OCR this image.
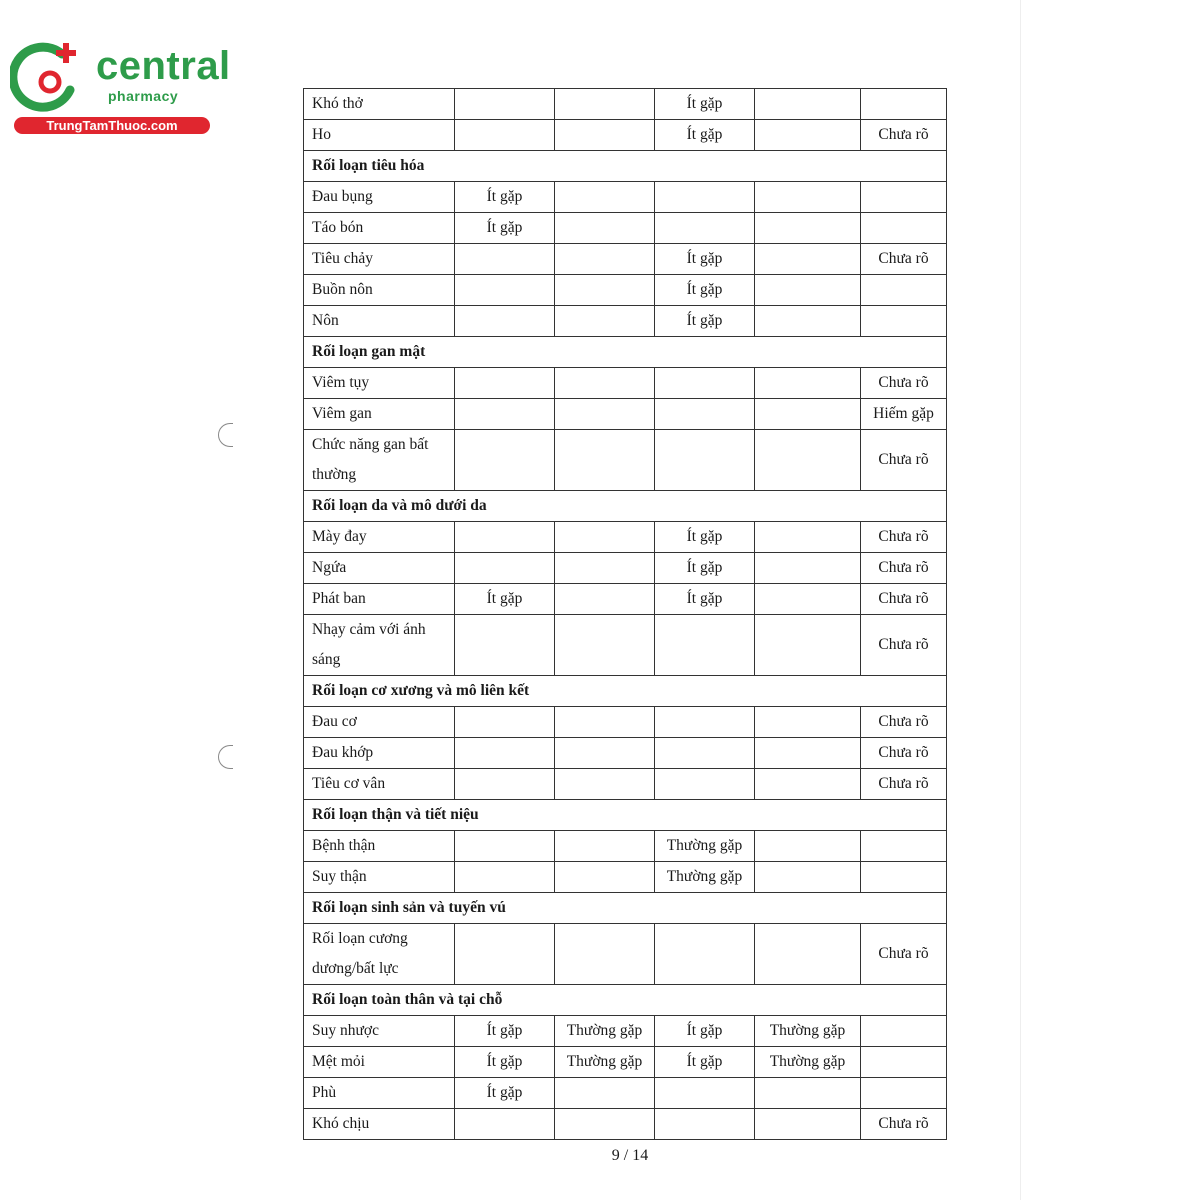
central
pharmacy
TrungTamThuoc.com
Khó thở			Ít gặp		
Ho			Ít gặp		Chưa rõ
Rối loạn tiêu hóa					
Đau bụng	Ít gặp				
Táo bón	Ít gặp				
Tiêu chảy			Ít gặp		Chưa rõ
Buồn nôn			Ít gặp		
Nôn			Ít gặp		
Rối loạn gan mật					
Viêm tụy					Chưa rõ
Viêm gan					Hiếm gặp
Chức năng gan bất thường					Chưa rõ
Rối loạn da và mô dưới da					
Mày đay			Ít gặp		Chưa rõ
Ngứa			Ít gặp		Chưa rõ
Phát ban	Ít gặp		Ít gặp		Chưa rõ
Nhạy cảm với ánh sáng					Chưa rõ
Rối loạn cơ xương và mô liên kết					
Đau cơ					Chưa rõ
Đau khớp					Chưa rõ
Tiêu cơ vân					Chưa rõ
Rối loạn thận và tiết niệu					
Bệnh thận			Thường gặp		
Suy thận			Thường gặp		
Rối loạn sinh sản và tuyến vú					
Rối loạn cương dương/bất lực					Chưa rõ
Rối loạn toàn thân và tại chỗ					
Suy nhược	Ít gặp	Thường gặp	Ít gặp	Thường gặp	
Mệt mỏi	Ít gặp	Thường gặp	Ít gặp	Thường gặp	
Phù	Ít gặp				
Khó chịu					Chưa rõ
9 / 14
